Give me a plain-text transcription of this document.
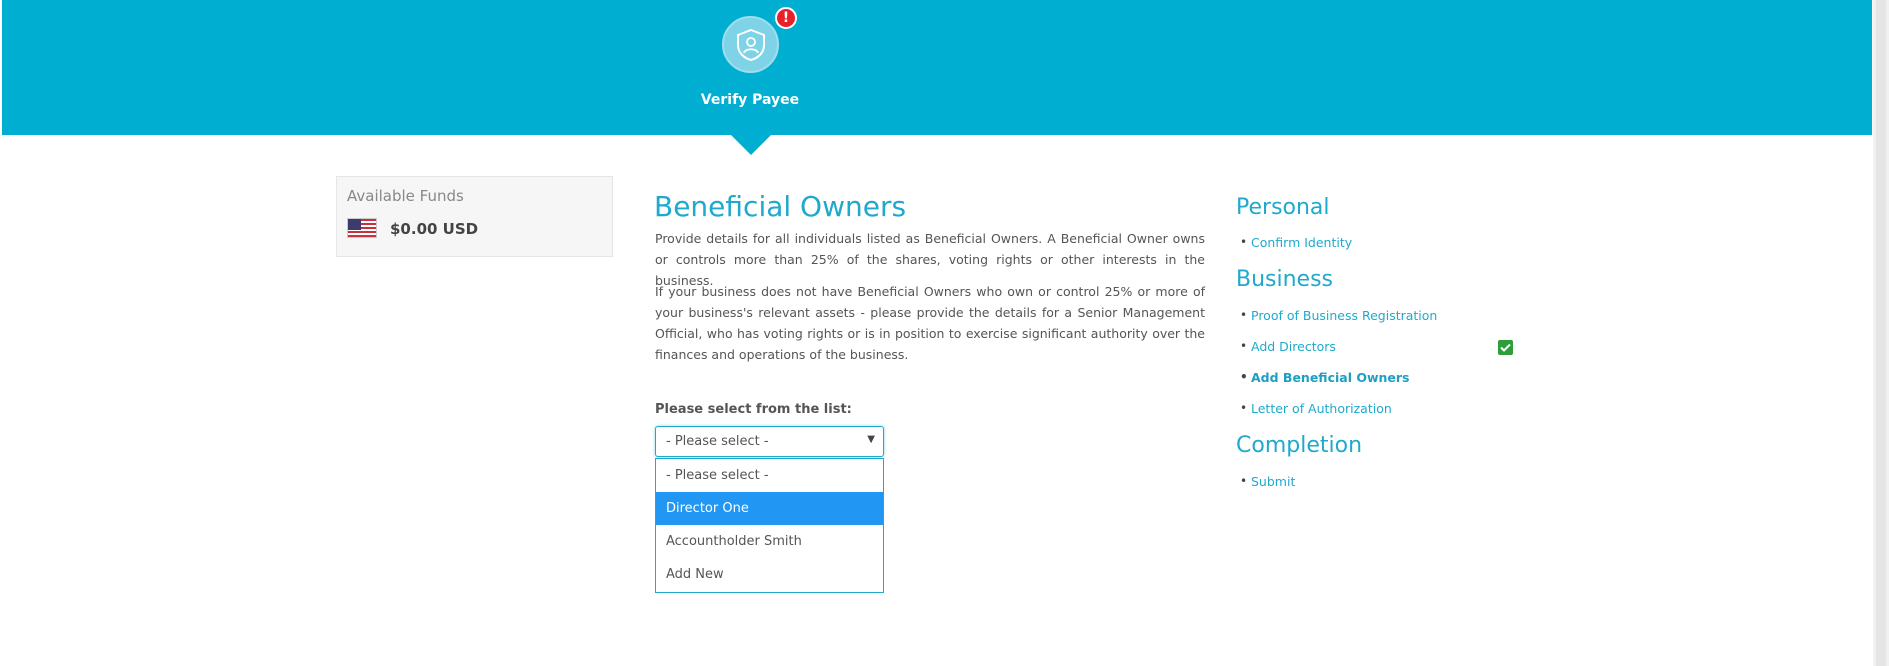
!
Verify Payee
Available Funds
$0.00 USD
Beneficial Owners

Provide details for all individuals listed as Beneficial Owners. A Beneficial Owner owns or controls more than 25% of the shares, voting rights or other interests in the business.

If your business does not have Beneficial Owners who own or control 25% or more of your business's relevant assets - please provide the details for a Senior Management Official, who has voting rights or is in position to exercise significant authority over the finances and operations of the business.

Please select from the list:
- Please select -	▼
- Please select -
Director One
Accountholder Smith
Add New
Personal
• Confirm Identity
Business
• Proof of Business Registration
• Add Directors
• Add Beneficial Owners
• Letter of Authorization
Completion
• Submit
